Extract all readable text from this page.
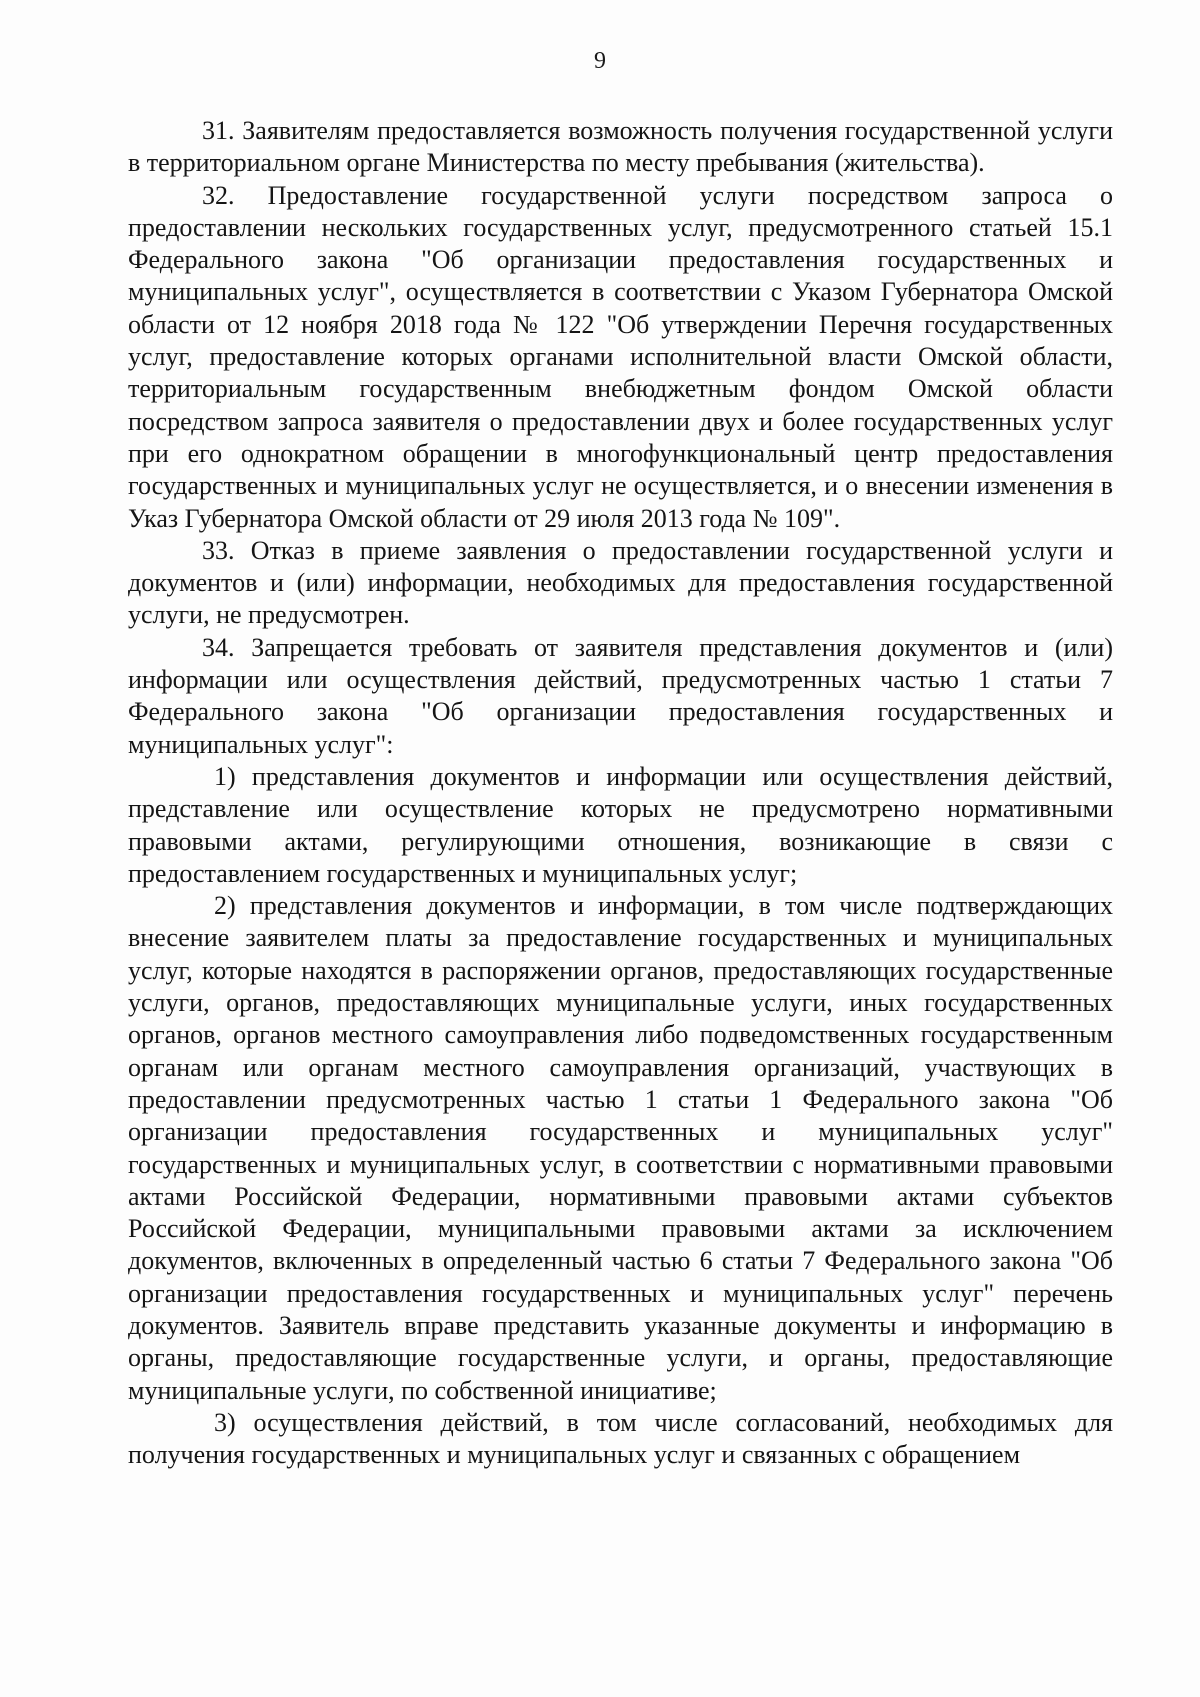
9

31. Заявителям предоставляется возможность получения государственной услуги в территориальном органе Министерства по месту пребывания (жительства).

32. Предоставление государственной услуги посредством запроса о предоставлении нескольких государственных услуг, предусмотренного статьей 15.1 Федерального закона "Об организации предоставления государственных и муниципальных услуг", осуществляется в соответствии с Указом Губернатора Омской области от 12 ноября 2018 года № 122 "Об утверждении Перечня государственных услуг, предоставление которых органами исполнительной власти Омской области, территориальным государственным внебюджетным фондом Омской области посредством запроса заявителя о предоставлении двух и более государственных услуг при его однократном обращении в многофункциональный центр предоставления государственных и муниципальных услуг не осуществляется, и о внесении изменения в Указ Губернатора Омской области от 29 июля 2013 года № 109".

33. Отказ в приеме заявления о предоставлении государственной услуги и документов и (или) информации, необходимых для предоставления государственной услуги, не предусмотрен.

34. Запрещается требовать от заявителя представления документов и (или) информации или осуществления действий, предусмотренных частью 1 статьи 7 Федерального закона "Об организации предоставления государственных и муниципальных услуг":

1) представления документов и информации или осуществления действий, представление или осуществление которых не предусмотрено нормативными правовыми актами, регулирующими отношения, возникающие в связи с предоставлением государственных и муниципальных услуг;

2) представления документов и информации, в том числе подтверждающих внесение заявителем платы за предоставление государственных и муниципальных услуг, которые находятся в распоряжении органов, предоставляющих государственные услуги, органов, предоставляющих муниципальные услуги, иных государственных органов, органов местного самоуправления либо подведомственных государственным органам или органам местного самоуправления организаций, участвующих в предоставлении предусмотренных частью 1 статьи 1 Федерального закона "Об организации предоставления государственных и муниципальных услуг" государственных и муниципальных услуг, в соответствии с нормативными правовыми актами Российской Федерации, нормативными правовыми актами субъектов Российской Федерации, муниципальными правовыми актами за исключением документов, включенных в определенный частью 6 статьи 7 Федерального закона "Об организации предоставления государственных и муниципальных услуг" перечень документов. Заявитель вправе представить указанные документы и информацию в органы, предоставляющие государственные услуги, и органы, предоставляющие муниципальные услуги, по собственной инициативе;

3) осуществления действий, в том числе согласований, необходимых для получения государственных и муниципальных услуг и связанных с обращением
